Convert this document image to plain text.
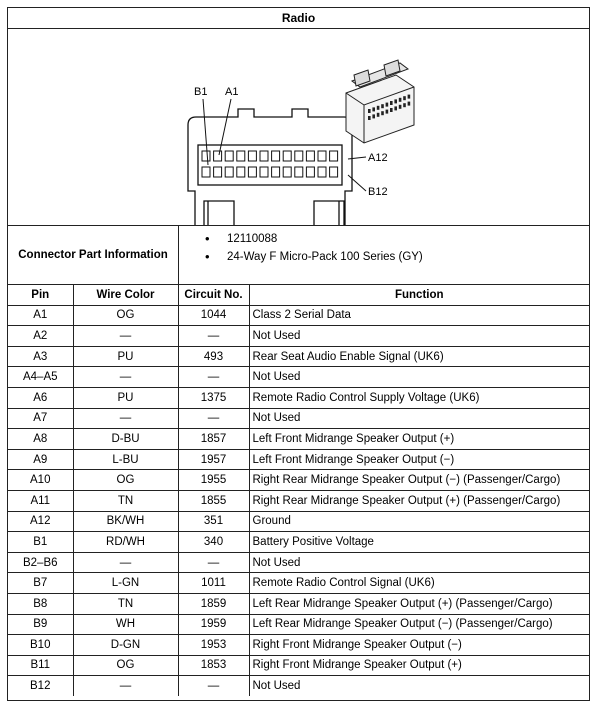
Radio
B1 A1
A12
B12
Connector Part Information
• 12110088
• 24-Way F Micro-Pack 100 Series (GY)
Pin	Wire Color	Circuit No.	Function
A1	OG	1044	Class 2 Serial Data
A2	—	—	Not Used
A3	PU	493	Rear Seat Audio Enable Signal (UK6)
A4–A5	—	—	Not Used
A6	PU	1375	Remote Radio Control Supply Voltage (UK6)
A7	—	—	Not Used
A8	D-BU	1857	Left Front Midrange Speaker Output (+)
A9	L-BU	1957	Left Front Midrange Speaker Output (−)
A10	OG	1955	Right Rear Midrange Speaker Output (−) (Passenger/Cargo)
A11	TN	1855	Right Rear Midrange Speaker Output (+) (Passenger/Cargo)
A12	BK/WH	351	Ground
B1	RD/WH	340	Battery Positive Voltage
B2–B6	—	—	Not Used
B7	L-GN	1011	Remote Radio Control Signal (UK6)
B8	TN	1859	Left Rear Midrange Speaker Output (+) (Passenger/Cargo)
B9	WH	1959	Left Rear Midrange Speaker Output (−) (Passenger/Cargo)
B10	D-GN	1953	Right Front Midrange Speaker Output (−)
B11	OG	1853	Right Front Midrange Speaker Output (+)
B12	—	—	Not Used
